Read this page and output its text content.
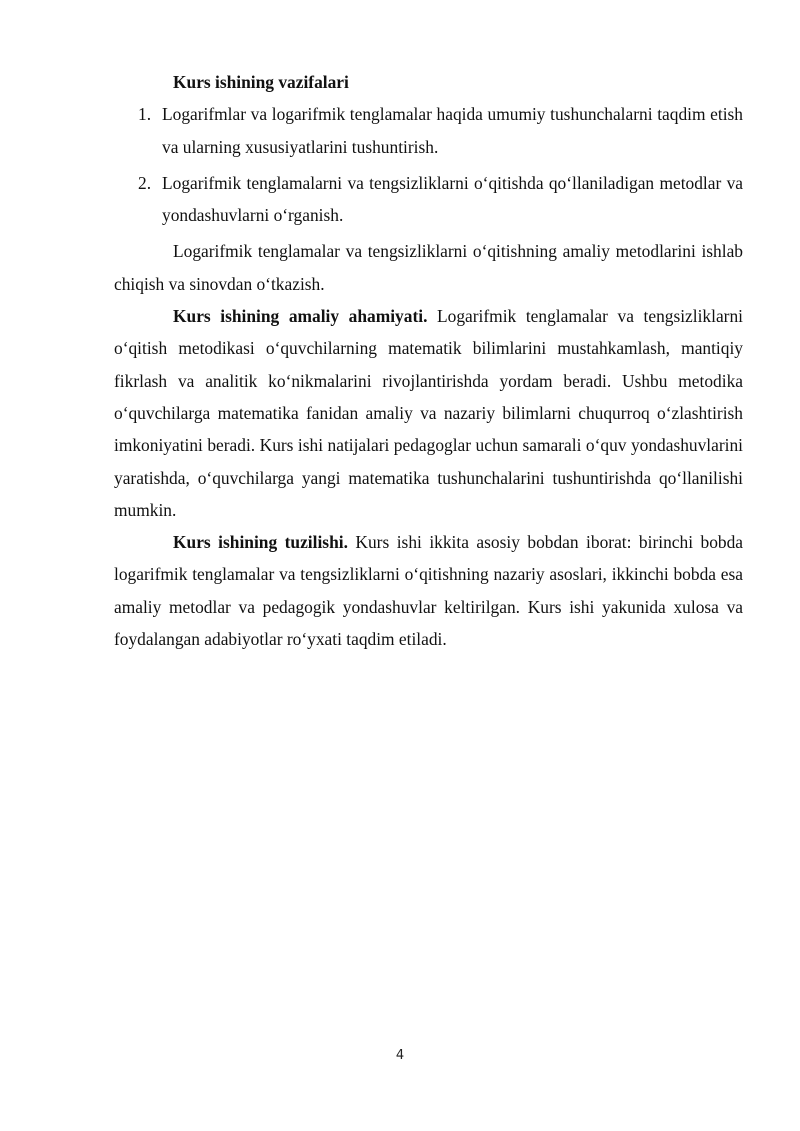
Kurs ishining vazifalari
1. Logarifmlar va logarifmik tenglamalar haqida umumiy tushunchalarni taqdim etish va ularning xususiyatlarini tushuntirish.
2. Logarifmik tenglamalarni va tengsizliklarni o‘qitishda qo‘llaniladigan metodlar va yondashuvlarni o‘rganish.

Logarifmik tenglamalar va tengsizliklarni o‘qitishning amaliy metodlarini ishlab chiqish va sinovdan o‘tkazish.

Kurs ishining amaliy ahamiyati. Logarifmik tenglamalar va tengsizliklarni o‘qitish metodikasi o‘quvchilarning matematik bilimlarini mustahkamlash, mantiqiy fikrlash va analitik ko‘nikmalarini rivojlantirishda yordam beradi. Ushbu metodika o‘quvchilarga matematika fanidan amaliy va nazariy bilimlarni chuqurroq o‘zlashtirish imkoniyatini beradi. Kurs ishi natijalari pedagoglar uchun samarali o‘quv yondashuvlarini yaratishda, o‘quvchilarga yangi matematika tushunchalarini tushuntirishda qo‘llanilishi mumkin.

Kurs ishining tuzilishi. Kurs ishi ikkita asosiy bobdan iborat: birinchi bobda logarifmik tenglamalar va tengsizliklarni o‘qitishning nazariy asoslari, ikkinchi bobda esa amaliy metodlar va pedagogik yondashuvlar keltirilgan. Kurs ishi yakunida xulosa va foydalangan adabiyotlar ro‘yxati taqdim etiladi.

4
